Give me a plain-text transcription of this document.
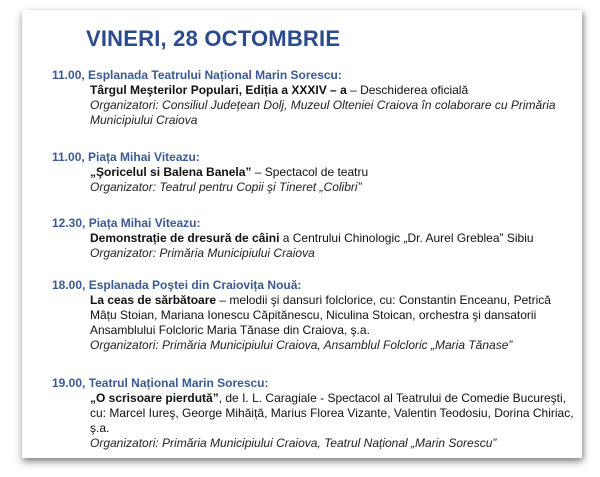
VINERI, 28 OCTOMBRIE
11.00, Esplanada Teatrului Național Marin Sorescu:
Târgul Meşterilor Populari, Ediția a XXXIV – a – Deschiderea oficială
Organizatori: Consiliul Județean Dolj, Muzeul Olteniei Craiova în colaborare cu Primăria Municipiului Craiova
11.00, Piața Mihai Viteazu:
„Şoricelul si Balena Banela” – Spectacol de teatru
Organizator: Teatrul pentru Copii şi Tineret „Colibri”
12.30, Piața Mihai Viteazu:
Demonstrație de dresură de câini a Centrului Chinologic „Dr. Aurel Greblea” Sibiu
Organizator: Primăria Municipiului Craiova
18.00, Esplanada Poştei din Craiovița Nouă:
La ceas de sărbătoare – melodii şi dansuri folclorice, cu: Constantin Enceanu, Petrică Mâțu Stoian, Mariana Ionescu Căpitănescu, Niculina Stoican, orchestra şi dansatorii Ansamblului Folcloric Maria Tănase din Craiova, ş.a.
Organizatori: Primăria Municipiului Craiova, Ansamblul Folcloric „Maria Tănase”
19.00, Teatrul Național Marin Sorescu:
„O scrisoare pierdută”, de I. L. Caragiale - Spectacol al Teatrului de Comedie Bucureşti, cu: Marcel Iureş, George Mihăiță, Marius Florea Vizante, Valentin Teodosiu, Dorina Chiriac, ş.a.
Organizatori: Primăria Municipiului Craiova, Teatrul Național „Marin Sorescu”
